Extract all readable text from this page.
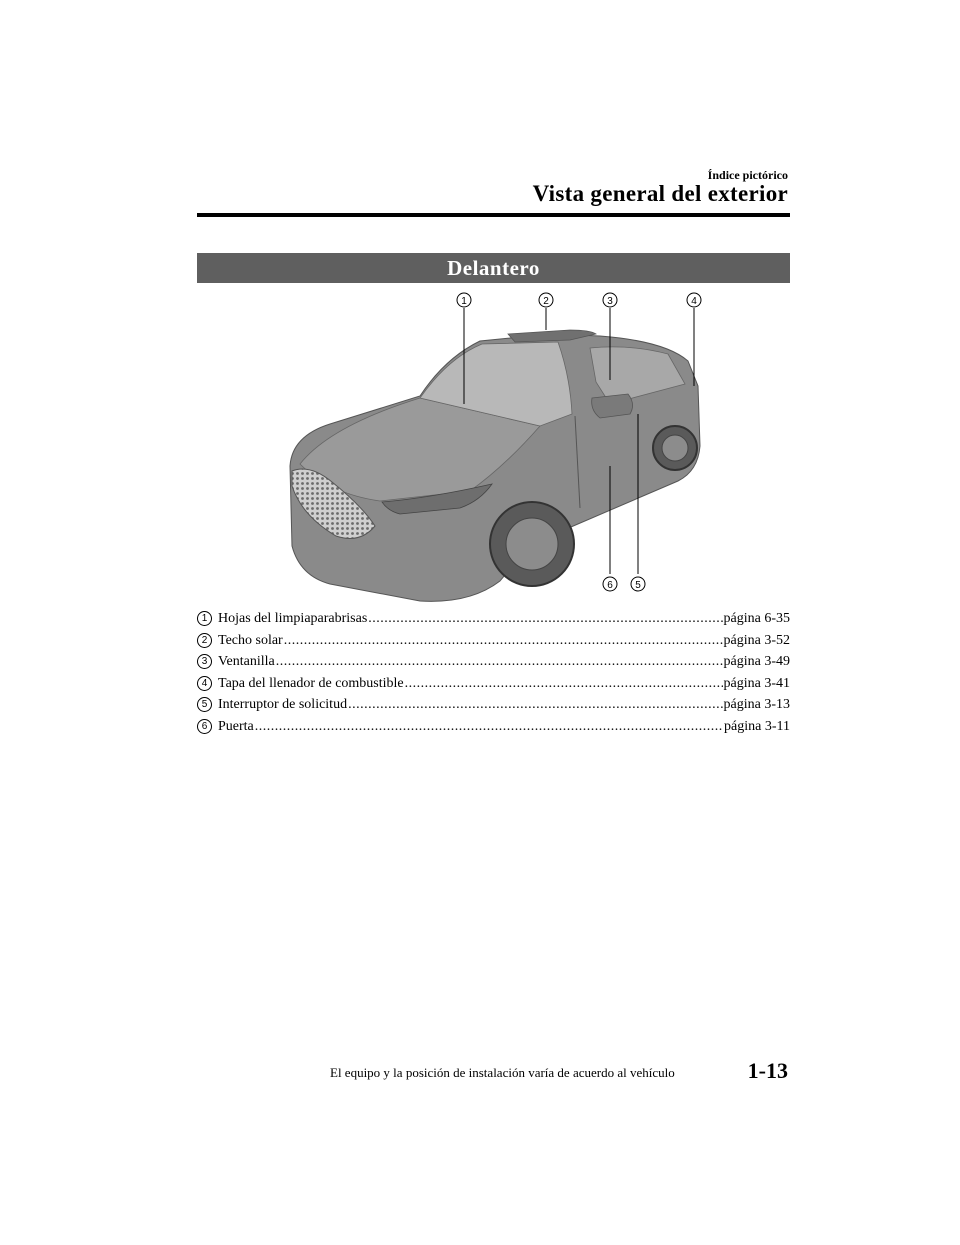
Índice pictórico
Vista general del exterior
Delantero
1	2	3	4
5
6
1 Hojas del limpiaparabrisas .....	página 6-35
2 Techo solar .....	página 3-52
3 Ventanilla .....	página 3-49
4 Tapa del llenador de combustible .....	página 3-41
5 Interruptor de solicitud .....	página 3-13
6 Puerta .....	página 3-11
El equipo y la posición de instalación varía de acuerdo al vehículo	1-13
